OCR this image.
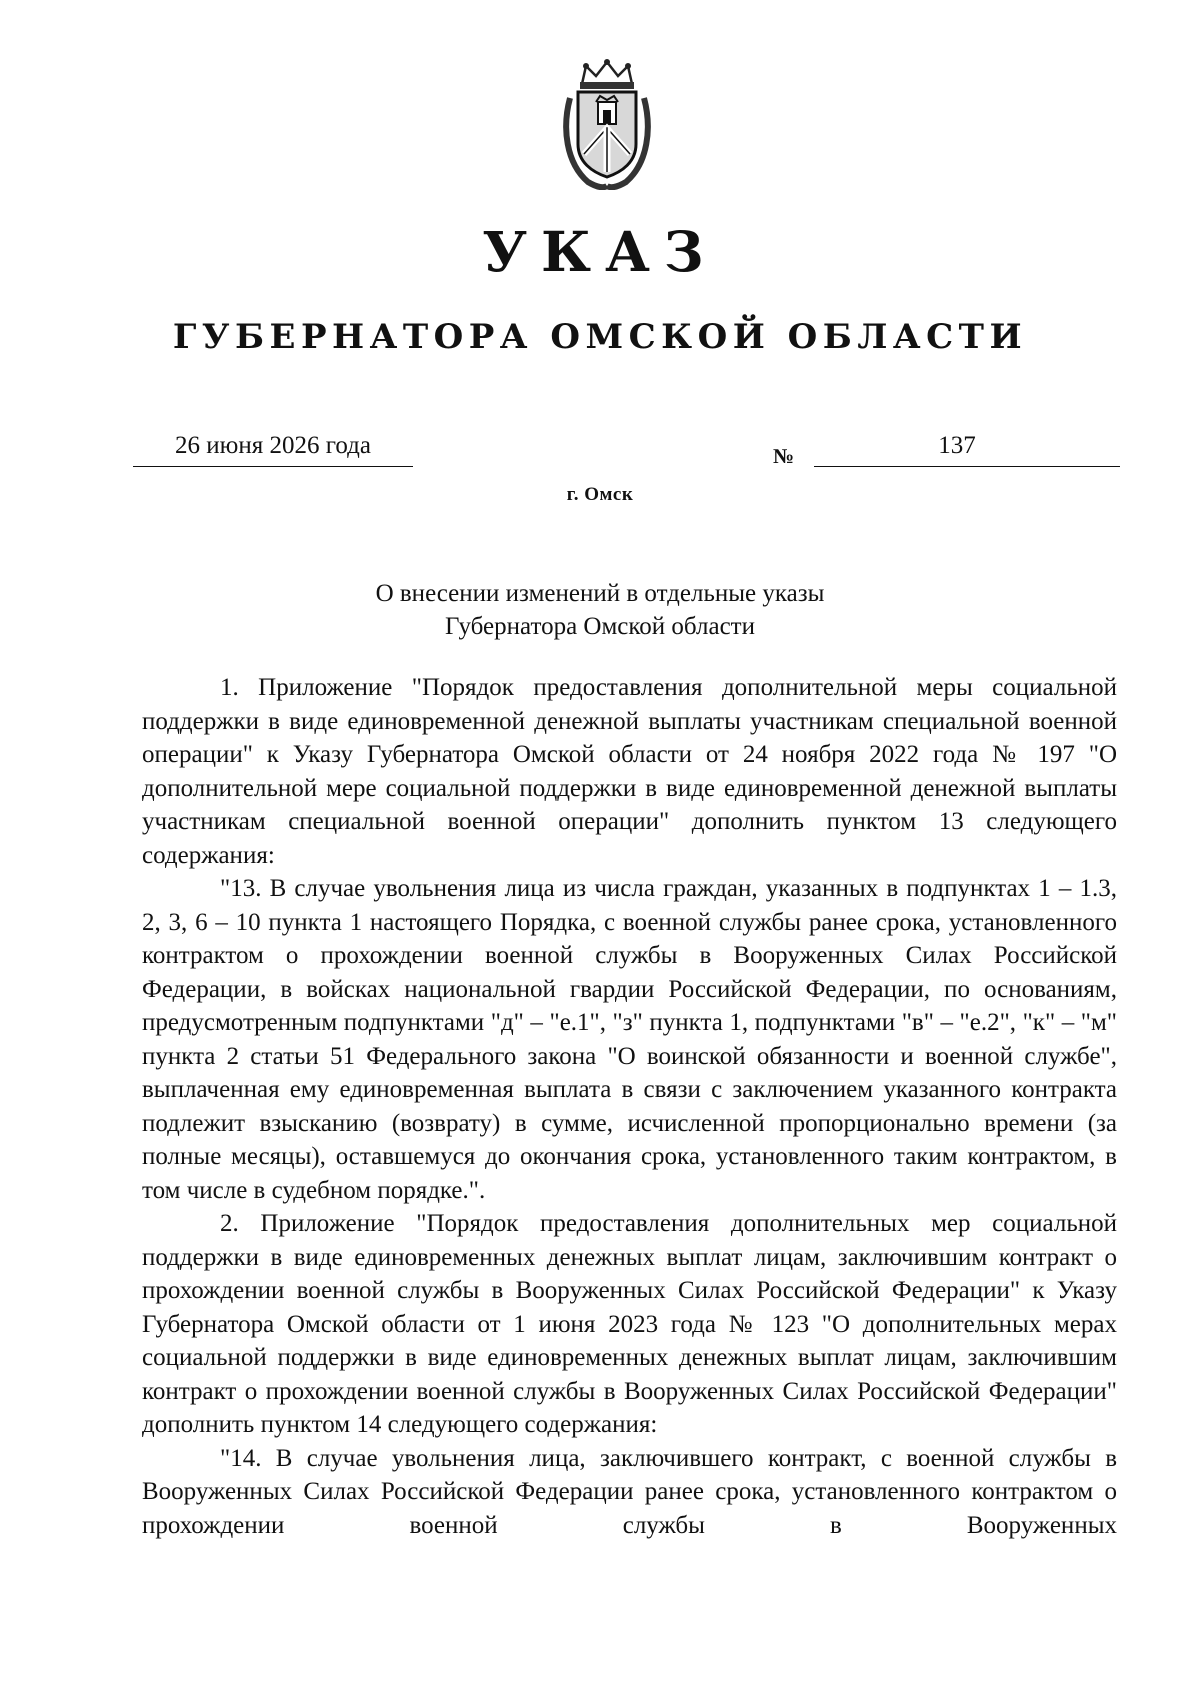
УКАЗ
ГУБЕРНАТОРА ОМСКОЙ ОБЛАСТИ
26 июня 2026 года	№	137
г. Омск
О внесении изменений в отдельные указы
Губернатора Омской области

1. Приложение "Порядок предоставления дополнительной меры социальной поддержки в виде единовременной денежной выплаты участникам специальной военной операции" к Указу Губернатора Омской области от 24 ноября 2022 года № 197 "О дополнительной мере социальной поддержки в виде единовременной денежной выплаты участникам специальной военной операции" дополнить пунктом 13 следующего содержания:

"13. В случае увольнения лица из числа граждан, указанных в подпунктах 1 – 1.3, 2, 3, 6 – 10 пункта 1 настоящего Порядка, с военной службы ранее срока, установленного контрактом о прохождении военной службы в Вооруженных Силах Российской Федерации, в войсках национальной гвардии Российской Федерации, по основаниям, предусмотренным подпунктами "д" – "е.1", "з" пункта 1, подпунктами "в" – "е.2", "к" – "м" пункта 2 статьи 51 Федерального закона "О воинской обязанности и военной службе", выплаченная ему единовременная выплата в связи с заключением указанного контракта подлежит взысканию (возврату) в сумме, исчисленной пропорционально времени (за полные месяцы), оставшемуся до окончания срока, установленного таким контрактом, в том числе в судебном порядке.".

2. Приложение "Порядок предоставления дополнительных мер социальной поддержки в виде единовременных денежных выплат лицам, заключившим контракт о прохождении военной службы в Вооруженных Силах Российской Федерации" к Указу Губернатора Омской области от 1 июня 2023 года № 123 "О дополнительных мерах социальной поддержки в виде единовременных денежных выплат лицам, заключившим контракт о прохождении военной службы в Вооруженных Силах Российской Федерации" дополнить пунктом 14 следующего содержания:

"14. В случае увольнения лица, заключившего контракт, с военной службы в Вооруженных Силах Российской Федерации ранее срока, установленного контрактом о прохождении военной службы в Вооруженных
